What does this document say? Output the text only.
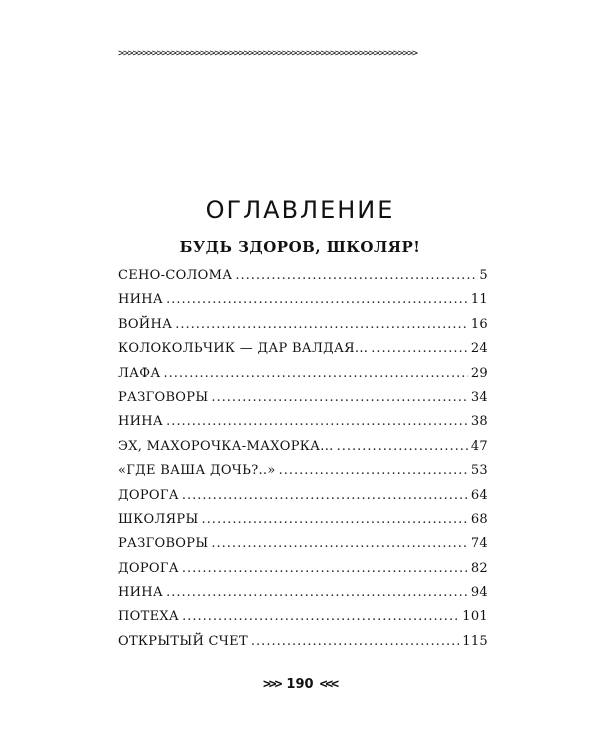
>>>>>>>>>>>>>>>>>>>>>>>>>>>>>>>>>>>>>>>>>>>>>>>>>>>>>>>>>>>>>>
ОГЛАВЛЕНИЕ
БУДЬ ЗДОРОВ, ШКОЛЯР!
СЕНО-СОЛОМА .....	5
НИНА .....	11
ВОЙНА .....	16
КОЛОКОЛЬЧИК — ДАР ВАЛДАЯ... .....	24
ЛАФА .....	29
РАЗГОВОРЫ .....	34
НИНА .....	38
ЭХ, МАХОРОЧКА-МАХОРКА... .....	47
«ГДЕ ВАША ДОЧЬ?..» .....	53
ДОРОГА .....	64
ШКОЛЯРЫ .....	68
РАЗГОВОРЫ .....	74
ДОРОГА .....	82
НИНА .....	94
ПОТЕХА .....	101
ОТКРЫТЫЙ СЧЕТ .....	115
>>> 190 <<<
